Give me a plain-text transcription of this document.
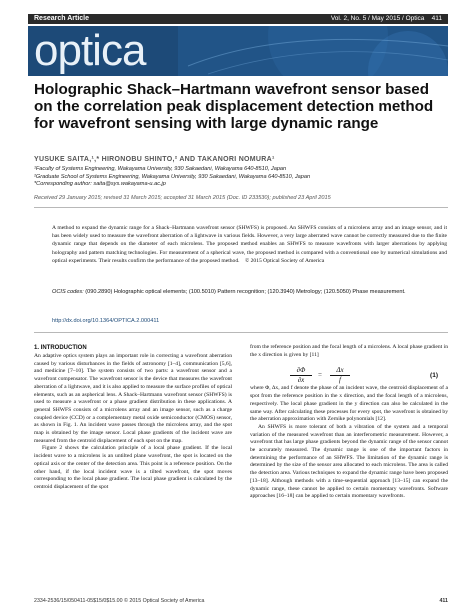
Research Article	Vol. 2, No. 5 / May 2015 / Optica 411
optica
Holographic Shack–Hartmann wavefront sensor based on the correlation peak displacement detection method for wavefront sensing with large dynamic range
YUSUKE SAITA,¹,* HIRONOBU SHINTO,² AND TAKANORI NOMURA¹
¹Faculty of Systems Engineering, Wakayama University, 930 Sakaedani, Wakayama 640-8510, Japan
²Graduate School of Systems Engineering, Wakayama University, 930 Sakaedani, Wakayama 640-8510, Japan
*Corresponding author: saita@sys.wakayama-u.ac.jp
Received 29 January 2015; revised 31 March 2015; accepted 31 March 2015 (Doc. ID 233530); published 23 April 2015
A method to expand the dynamic range for a Shack–Hartmann wavefront sensor (SHWFS) is proposed. An SHWFS consists of a microlens array and an image sensor, and it has been widely used to measure the wavefront aberration of a lightwave in various fields. However, a very large aberrated wave cannot be correctly measured due to the finite dynamic range that depends on the diameter of each microlens. The proposed method enables an SHWFS to measure wavefronts with larger aberrations by applying holography and pattern matching technologies. For measurement of a spherical wave, the proposed method is compared with a conventional one by numerical simulations and optical experiments. Their results confirm the performance of the proposed method. © 2015 Optical Society of America
OCIS codes: (090.2890) Holographic optical elements; (100.5010) Pattern recognition; (120.3940) Metrology; (120.5050) Phase measurement.
http://dx.doi.org/10.1364/OPTICA.2.000411

1. INTRODUCTION

An adaptive optics system plays an important role in correcting a wavefront aberration caused by various disturbances in the fields of astronomy [1–4], communication [5,6], and medicine [7–10]. The system consists of two parts: a wavefront sensor and a wavefront compensator. The wavefront sensor is the device that measures the wavefront aberration of a lightwave, and it is also applied to measure the surface profiles of optical elements, such as an aspherical lens. A Shack–Hartmann wavefront sensor (SHWFS) is used to measure a wavefront or a phase gradient distribution in these applications. A general SHWFS consists of a microlens array and an image sensor, such as a charge coupled device (CCD) or a complementary metal oxide semiconductor (CMOS) sensor, as shown in Fig. 1. An incident wave passes through the microlens array, and the spot map is obtained by the image sensor. Local phase gradients of the incident wave are measured from the centroid displacement of each spot on the map.

Figure 2 shows the calculation principle of a local phase gradient. If the local incident wave to a microlens is an untilted plane wavefront, the spot is located on the optical axis or the center of the detection area. This point is a reference position. On the other hand, if the local incident wave is a tilted wavefront, the spot moves corresponding to the local phase gradient. The local phase gradient is calculated by the centroid displacement of the spot

from the reference position and the focal length of a microlens. A local phase gradient in the x direction is given by [11]

where Φ, Δx, and f denote the phase of an incident wave, the centroid displacement of a spot from the reference position in the x direction, and the focal length of a microlens, respectively. The local phase gradient in the y direction can also be calculated in the same way. After calculating these processes for every spot, the wavefront is obtained by the aberration approximation with Zernike polynomials [12].

An SHWFS is more tolerant of both a vibration of the system and a temporal variation of the measured wavefront than an interferometric measurement. However, a wavefront that has large phase gradients beyond the dynamic range of the sensor cannot be accurately measured. The dynamic range is one of the important factors in determining the performance of an SHWFS. The limitation of the dynamic range is determined by the size of the sensor area allocated to each microlens. The area is called the detection area. Various techniques to expand the dynamic range have been proposed [13–18]. Although methods with a time-sequential approach [13–15] can expand the dynamic range, these cannot be applied to certain momentary wavefronts. Software approaches [16–18] can be applied to certain momentary wavefronts.

$\frac{\partial\Phi}{\partial x} = \frac{\Delta x}{f}$	(1)
2334-2536/15/050411-05$15/0$15.00 © 2015 Optical Society of America	411
